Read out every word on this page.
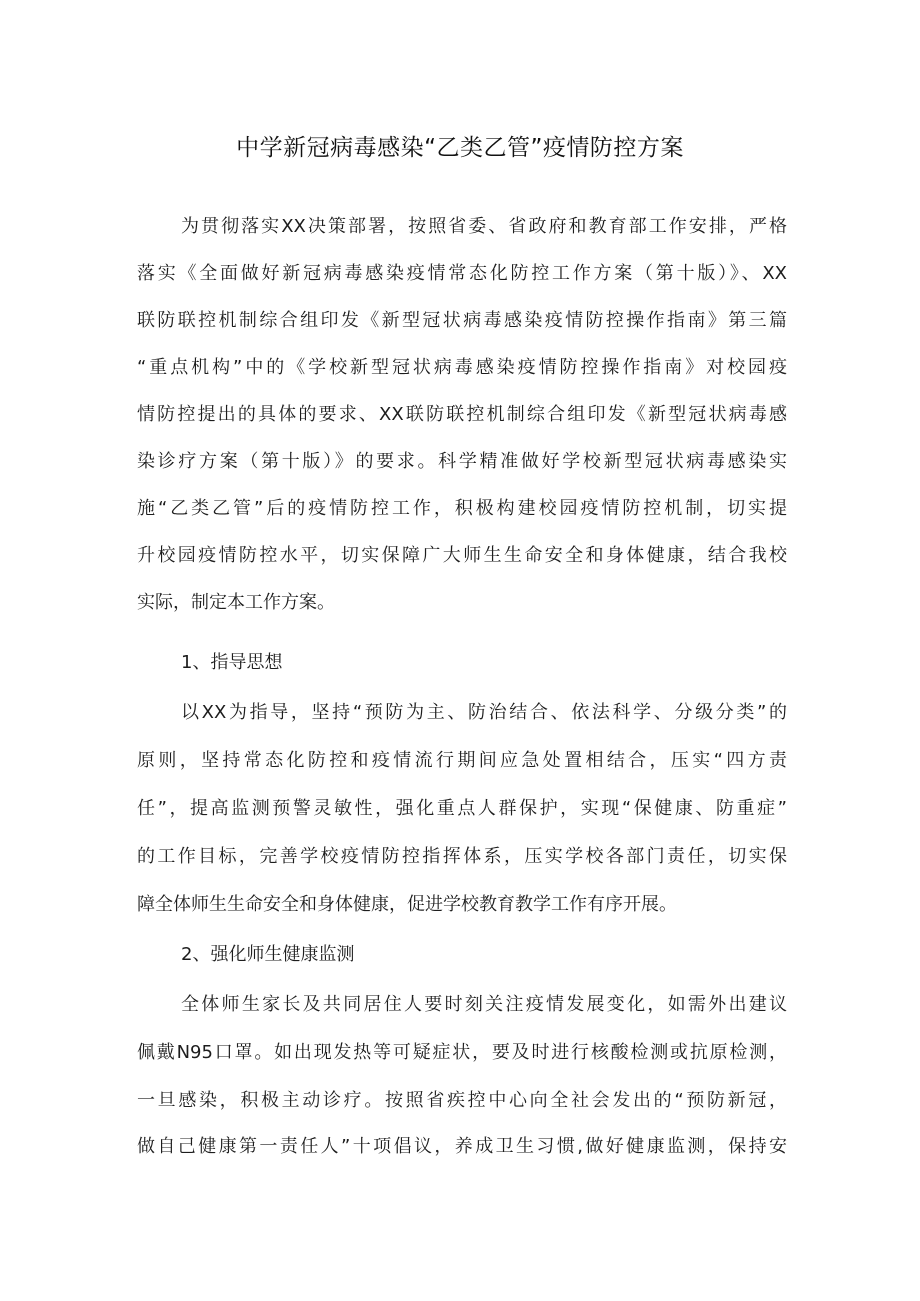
中学新冠病毒感染“乙类乙管”疫情防控方案

为贯彻落实XX决策部署，按照省委、省政府和教育部工作安排，严格

落实《全面做好新冠病毒感染疫情常态化防控工作方案（第十版）》、XX

联防联控机制综合组印发《新型冠状病毒感染疫情防控操作指南》第三篇

“重点机构”中的《学校新型冠状病毒感染疫情防控操作指南》对校园疫

情防控提出的具体的要求、XX联防联控机制综合组印发《新型冠状病毒感

染诊疗方案（第十版）》的要求。科学精准做好学校新型冠状病毒感染实

施“乙类乙管”后的疫情防控工作，积极构建校园疫情防控机制，切实提

升校园疫情防控水平，切实保障广大师生生命安全和身体健康，结合我校

实际，制定本工作方案。

1、指导思想

以XX为指导，坚持“预防为主、防治结合、依法科学、分级分类”的

原则，坚持常态化防控和疫情流行期间应急处置相结合，压实“四方责

任”，提高监测预警灵敏性，强化重点人群保护，实现“保健康、防重症”

的工作目标，完善学校疫情防控指挥体系，压实学校各部门责任，切实保

障全体师生生命安全和身体健康，促进学校教育教学工作有序开展。

2、强化师生健康监测

全体师生家长及共同居住人要时刻关注疫情发展变化，如需外出建议

佩戴N95口罩。如出现发热等可疑症状，要及时进行核酸检测或抗原检测，

一旦感染，积极主动诊疗。按照省疾控中心向全社会发出的“预防新冠，

做自己健康第一责任人”十项倡议，养成卫生习惯,做好健康监测，保持安
